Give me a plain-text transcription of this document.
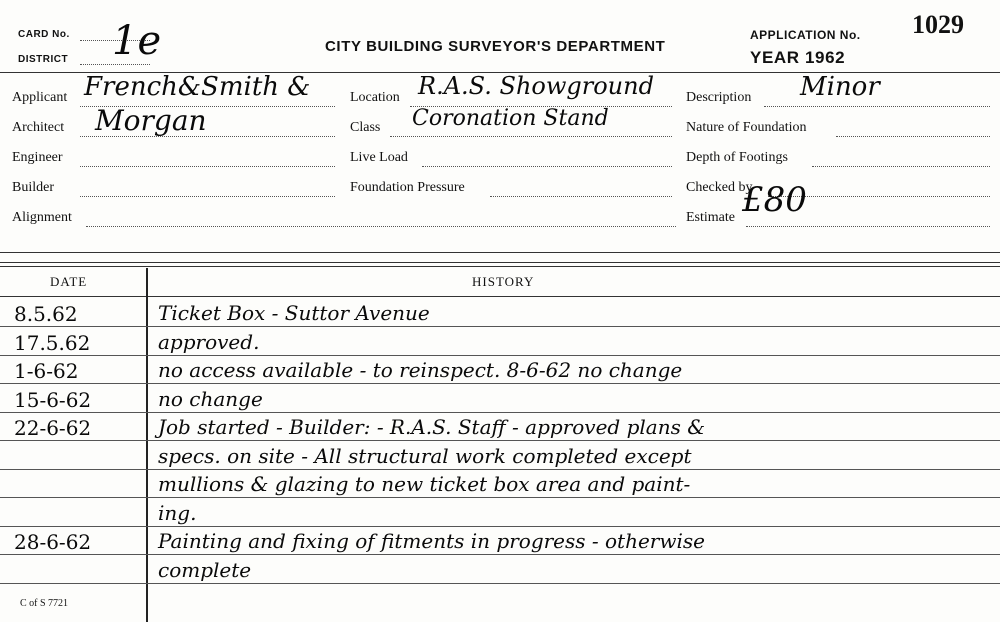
CARD No.
DISTRICT 1e	CITY BUILDING SURVEYOR'S DEPARTMENT
APPLICATION No. 1029
YEAR 1962
Applicant French&Smith &
Architect Morgan
Engineer
Builder
Alignment
Location R.A.S. Showground
Class Coronation Stand
Live Load
Foundation Pressure
Description Minor
Nature of Foundation
Depth of Footings
Checked by
Estimate £80
DATE	HISTORY
8.5.62	Ticket Box - Suttor Avenue
17.5.62	approved.
1-6-62	no access available - to reinspect. 8-6-62 no change
15-6-62	no change
22-6-62	Job started - Builder: - R.A.S. Staff - approved plans &
specs. on site - All structural work completed except
mullions & glazing to new ticket box area and paint-
ing.
28-6-62	Painting and fixing of fitments in progress - otherwise
complete
C of S 7721
